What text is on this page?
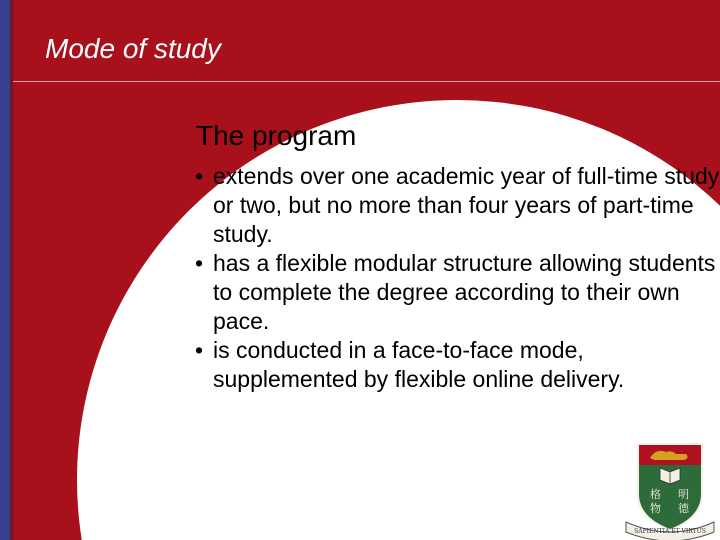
Mode of study
The program
• extends over one academic year of full-time study or two, but no more than four years of part-time study.
• has a flexible modular structure allowing students to complete the degree according to their own pace.
• is conducted in a face-to-face mode, supplemented by flexible online delivery.
格
物
明
德
SAPIENTIA ET VIRTUS
